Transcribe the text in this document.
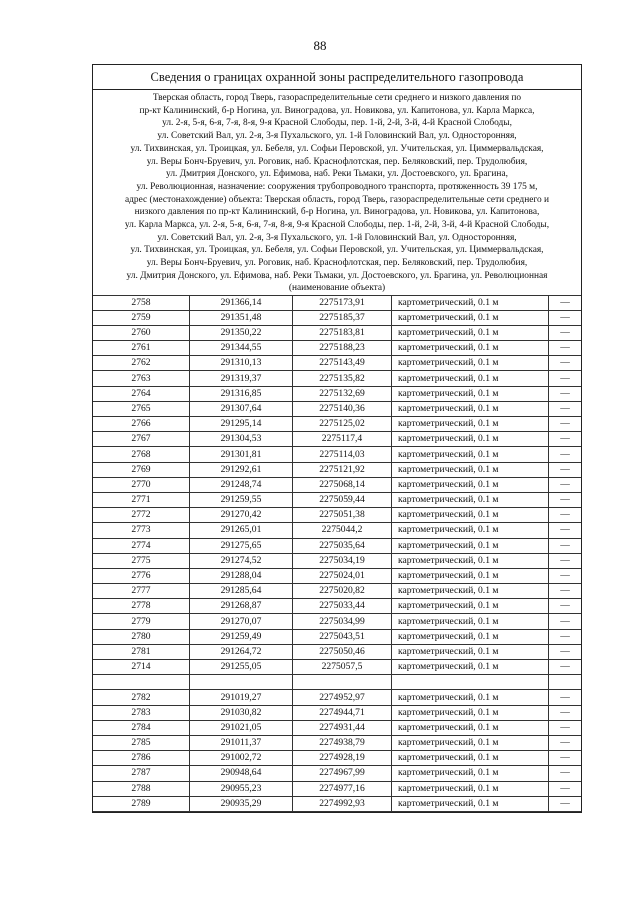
88
Сведения о границах охранной зоны распределительного газопровода
Тверская область, город Тверь, газораспределительные сети среднего и низкого давления по
пр-кт Калининский, б-р Ногина, ул. Виноградова, ул. Новикова, ул. Капитонова, ул. Карла Маркса,
ул. 2-я, 5-я, 6-я, 7-я, 8-я, 9-я Красной Слободы, пер. 1-й, 2-й, 3-й, 4-й Красной Слободы,
ул. Советский Вал, ул. 2-я, 3-я Пухальского, ул. 1-й Головинский Вал, ул. Односторонняя,
ул. Тихвинская, ул. Троицкая, ул. Бебеля, ул. Софьи Перовской, ул. Учительская, ул. Циммервальдская,
ул. Веры Бонч-Бруевич, ул. Роговик, наб. Краснофлотская, пер. Беляковский, пер. Трудолюбия,
ул. Дмитрия Донского, ул. Ефимова, наб. Реки Тьмаки, ул. Достоевского, ул. Брагина,
ул. Революционная, назначение: сооружения трубопроводного транспорта, протяженность 39 175 м,
адрес (местонахождение) объекта: Тверская область, город Тверь, газораспределительные сети среднего и
низкого давления по пр-кт Калининский, б-р Ногина, ул. Виноградова, ул. Новикова, ул. Капитонова,
ул. Карла Маркса, ул. 2-я, 5-я, 6-я, 7-я, 8-я, 9-я Красной Слободы, пер. 1-й, 2-й, 3-й, 4-й Красной Слободы,
ул. Советский Вал, ул. 2-я, 3-я Пухальского, ул. 1-й Головинский Вал, ул. Односторонняя,
ул. Тихвинская, ул. Троицкая, ул. Бебеля, ул. Софьи Перовской, ул. Учительская, ул. Циммервальдская,
ул. Веры Бонч-Бруевич, ул. Роговик, наб. Краснофлотская, пер. Беляковский, пер. Трудолюбия,
ул. Дмитрия Донского, ул. Ефимова, наб. Реки Тьмаки, ул. Достоевского, ул. Брагина, ул. Революционная
(наименование объекта)
2758	291366,14	2275173,91	картометрический, 0.1 м	—
2759	291351,48	2275185,37	картометрический, 0.1 м	—
2760	291350,22	2275183,81	картометрический, 0.1 м	—
2761	291344,55	2275188,23	картометрический, 0.1 м	—
2762	291310,13	2275143,49	картометрический, 0.1 м	—
2763	291319,37	2275135,82	картометрический, 0.1 м	—
2764	291316,85	2275132,69	картометрический, 0.1 м	—
2765	291307,64	2275140,36	картометрический, 0.1 м	—
2766	291295,14	2275125,02	картометрический, 0.1 м	—
2767	291304,53	2275117,4	картометрический, 0.1 м	—
2768	291301,81	2275114,03	картометрический, 0.1 м	—
2769	291292,61	2275121,92	картометрический, 0.1 м	—
2770	291248,74	2275068,14	картометрический, 0.1 м	—
2771	291259,55	2275059,44	картометрический, 0.1 м	—
2772	291270,42	2275051,38	картометрический, 0.1 м	—
2773	291265,01	2275044,2	картометрический, 0.1 м	—
2774	291275,65	2275035,64	картометрический, 0.1 м	—
2775	291274,52	2275034,19	картометрический, 0.1 м	—
2776	291288,04	2275024,01	картометрический, 0.1 м	—
2777	291285,64	2275020,82	картометрический, 0.1 м	—
2778	291268,87	2275033,44	картометрический, 0.1 м	—
2779	291270,07	2275034,99	картометрический, 0.1 м	—
2780	291259,49	2275043,51	картометрический, 0.1 м	—
2781	291264,72	2275050,46	картометрический, 0.1 м	—
2714	291255,05	2275057,5	картометрический, 0.1 м	—

2782	291019,27	2274952,97	картометрический, 0.1 м	—
2783	291030,82	2274944,71	картометрический, 0.1 м	—
2784	291021,05	2274931,44	картометрический, 0.1 м	—
2785	291011,37	2274938,79	картометрический, 0.1 м	—
2786	291002,72	2274928,19	картометрический, 0.1 м	—
2787	290948,64	2274967,99	картометрический, 0.1 м	—
2788	290955,23	2274977,16	картометрический, 0.1 м	—
2789	290935,29	2274992,93	картометрический, 0.1 м	—
